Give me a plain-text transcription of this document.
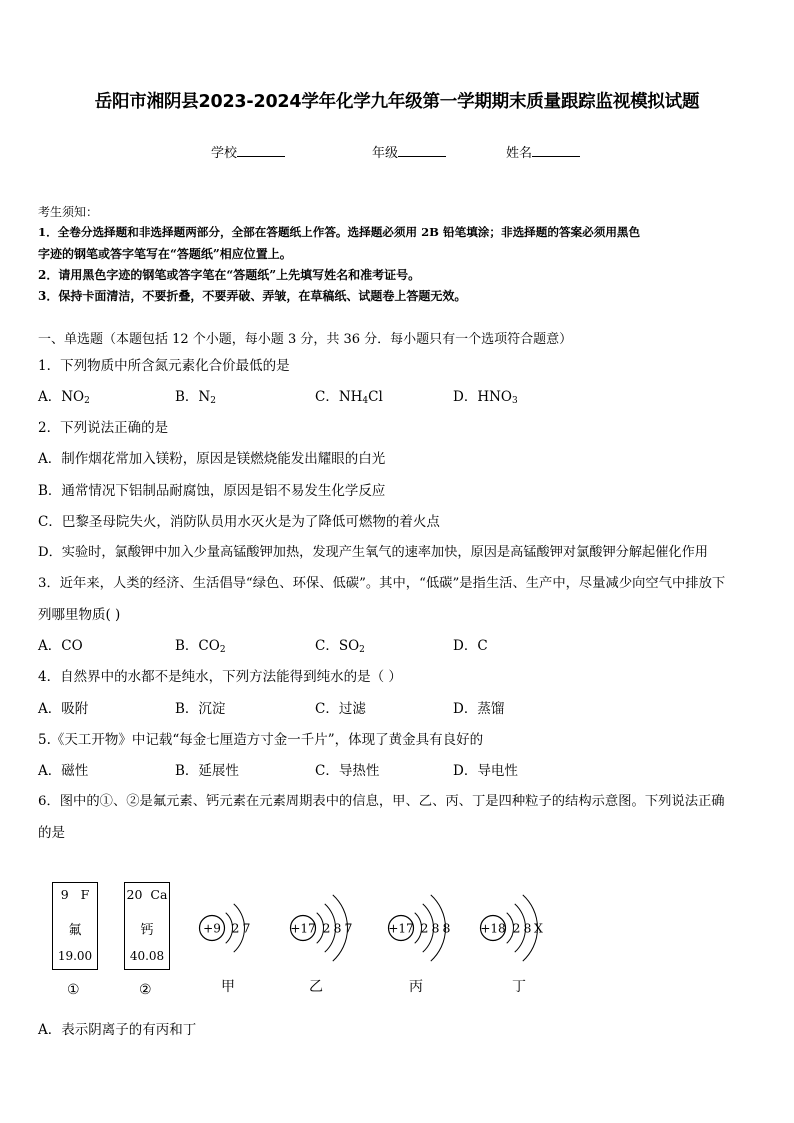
岳阳市湘阴县2023-2024学年化学九年级第一学期期末质量跟踪监视模拟试题
学校	年级	姓名
考生须知：
1．全卷分选择题和非选择题两部分，全部在答题纸上作答。选择题必须用 2B 铅笔填涂；非选择题的答案必须用黑色
字迹的钢笔或答字笔写在“答题纸”相应位置上。
2．请用黑色字迹的钢笔或答字笔在“答题纸”上先填写姓名和准考证号。
3．保持卡面清洁，不要折叠，不要弄破、弄皱，在草稿纸、试题卷上答题无效。
一、单选题（本题包括 12 个小题，每小题 3 分，共 36 分．每小题只有一个选项符合题意）
1．下列物质中所含氮元素化合价最低的是
A．$NO_2$	B．$N_2$	C．$NH_4Cl$	D．$HNO_3$
2．下列说法正确的是
A．制作烟花常加入镁粉，原因是镁燃烧能发出耀眼的白光
B．通常情况下铝制品耐腐蚀，原因是铝不易发生化学反应
C．巴黎圣母院失火，消防队员用水灭火是为了降低可燃物的着火点
D．实验时，氯酸钾中加入少量高锰酸钾加热，发现产生氧气的速率加快，原因是高锰酸钾对氯酸钾分解起催化作用
3．近年来，人类的经济、生活倡导“绿色、环保、低碳”。其中，“低碳”是指生活、生产中，尽量减少向空气中排放下
列哪里物质( )
A．CO	B．$CO_2$	C．$SO_2$	D．C
4．自然界中的水都不是纯水，下列方法能得到纯水的是（ ）
A．吸附	B．沉淀	C．过滤	D．蒸馏
5.《天工开物》中记载“每金七厘造方寸金一千片”，体现了黄金具有良好的
A．磁性	B．延展性	C．导热性	D．导电性
6．图中的①、②是氟元素、钙元素在元素周期表中的信息，甲、乙、丙、丁是四种粒子的结构示意图。下列说法正确
的是
9 F
氟
19.00
①
20 Ca
钙
40.08
②
+9 2 7
甲
+17 2 8 7
乙
+17 2 8 8
丙
+18 2 8 X
丁
A．表示阴离子的有丙和丁
